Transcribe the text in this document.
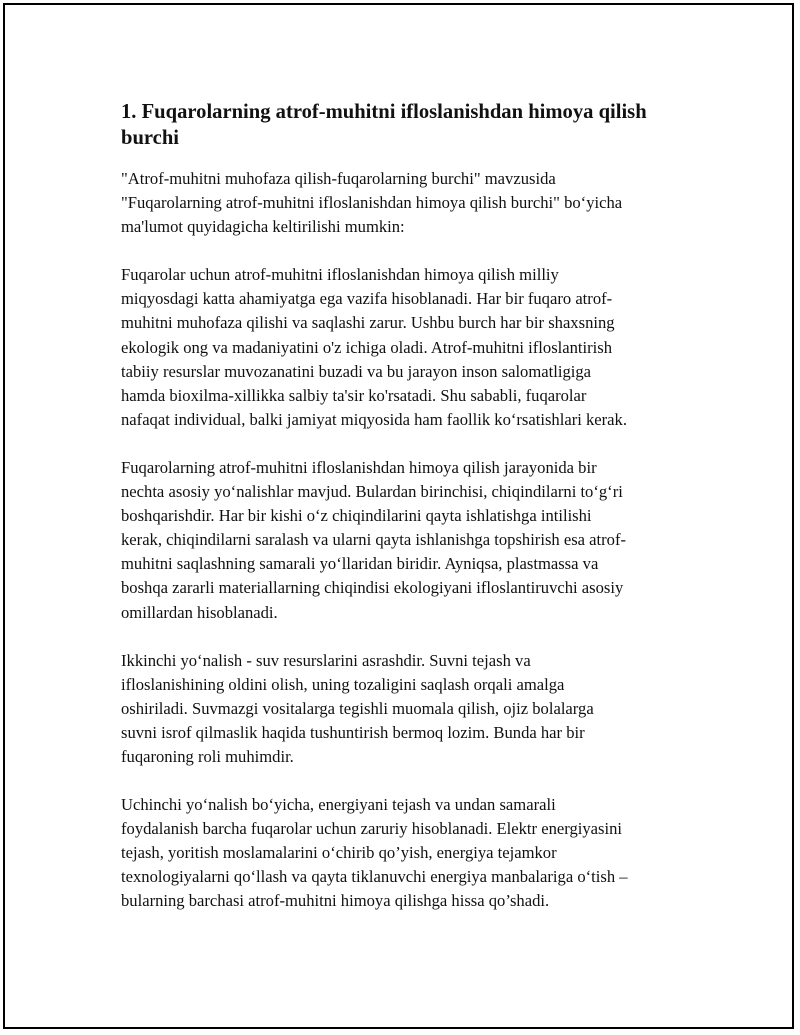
1. Fuqarolarning atrof-muhitni ifloslanishdan himoya qilish burchi

"Atrof-muhitni muhofaza qilish-fuqarolarning burchi" mavzusida
"Fuqarolarning atrof-muhitni ifloslanishdan himoya qilish burchi" bo‘yicha
ma'lumot quyidagicha keltirilishi mumkin:

Fuqarolar uchun atrof-muhitni ifloslanishdan himoya qilish milliy
miqyosdagi katta ahamiyatga ega vazifa hisoblanadi. Har bir fuqaro atrof-
muhitni muhofaza qilishi va saqlashi zarur. Ushbu burch har bir shaxsning
ekologik ong va madaniyatini o'z ichiga oladi. Atrof-muhitni ifloslantirish
tabiiy resurslar muvozanatini buzadi va bu jarayon inson salomatligiga
hamda bioxilma-xillikka salbiy ta'sir ko'rsatadi. Shu sababli, fuqarolar
nafaqat individual, balki jamiyat miqyosida ham faollik ko‘rsatishlari kerak.

Fuqarolarning atrof-muhitni ifloslanishdan himoya qilish jarayonida bir
nechta asosiy yo‘nalishlar mavjud. Bulardan birinchisi, chiqindilarni to‘g‘ri
boshqarishdir. Har bir kishi o‘z chiqindilarini qayta ishlatishga intilishi
kerak, chiqindilarni saralash va ularni qayta ishlanishga topshirish esa atrof-
muhitni saqlashning samarali yo‘llaridan biridir. Ayniqsa, plastmassa va
boshqa zararli materiallarning chiqindisi ekologiyani ifloslantiruvchi asosiy
omillardan hisoblanadi.

Ikkinchi yo‘nalish - suv resurslarini asrashdir. Suvni tejash va
ifloslanishining oldini olish, uning tozaligini saqlash orqali amalga
oshiriladi. Suvmazgi vositalarga tegishli muomala qilish, ojiz bolalarga
suvni isrof qilmaslik haqida tushuntirish bermoq lozim. Bunda har bir
fuqaroning roli muhimdir.

Uchinchi yo‘nalish bo‘yicha, energiyani tejash va undan samarali
foydalanish barcha fuqarolar uchun zaruriy hisoblanadi. Elektr energiyasini
tejash, yoritish moslamalarini o‘chirib qo’yish, energiya tejamkor
texnologiyalarni qo‘llash va qayta tiklanuvchi energiya manbalariga o‘tish –
bularning barchasi atrof-muhitni himoya qilishga hissa qo’shadi.
